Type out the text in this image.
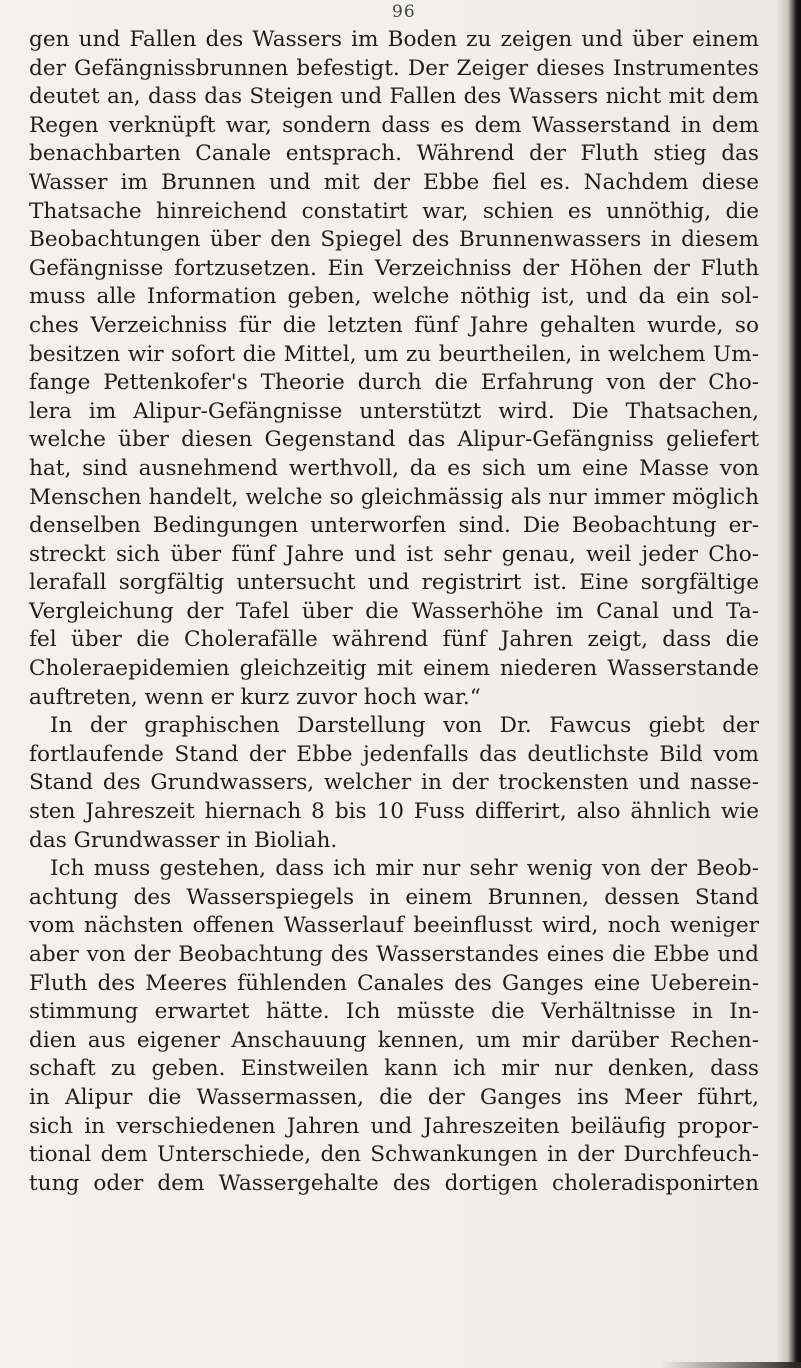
96
gen und Fallen des Wassers im Boden zu zeigen und über einem
der Gefängnissbrunnen befestigt. Der Zeiger dieses Instrumentes
deutet an, dass das Steigen und Fallen des Wassers nicht mit dem
Regen verknüpft war, sondern dass es dem Wasserstand in dem
benachbarten Canale entsprach. Während der Fluth stieg das
Wasser im Brunnen und mit der Ebbe fiel es. Nachdem diese
Thatsache hinreichend constatirt war, schien es unnöthig, die
Beobachtungen über den Spiegel des Brunnenwassers in diesem
Gefängnisse fortzusetzen. Ein Verzeichniss der Höhen der Fluth
muss alle Information geben, welche nöthig ist, und da ein sol-
ches Verzeichniss für die letzten fünf Jahre gehalten wurde, so
besitzen wir sofort die Mittel, um zu beurtheilen, in welchem Um-
fange Pettenkofer's Theorie durch die Erfahrung von der Cho-
lera im Alipur-Gefängnisse unterstützt wird. Die Thatsachen,
welche über diesen Gegenstand das Alipur-Gefängniss geliefert
hat, sind ausnehmend werthvoll, da es sich um eine Masse von
Menschen handelt, welche so gleichmässig als nur immer möglich
denselben Bedingungen unterworfen sind. Die Beobachtung er-
streckt sich über fünf Jahre und ist sehr genau, weil jeder Cho-
lerafall sorgfältig untersucht und registrirt ist. Eine sorgfältige
Vergleichung der Tafel über die Wasserhöhe im Canal und Ta-
fel über die Cholerafälle während fünf Jahren zeigt, dass die
Choleraepidemien gleichzeitig mit einem niederen Wasserstande
auftreten, wenn er kurz zuvor hoch war.“
In der graphischen Darstellung von Dr. Fawcus giebt der
fortlaufende Stand der Ebbe jedenfalls das deutlichste Bild vom
Stand des Grundwassers, welcher in der trockensten und nasse-
sten Jahreszeit hiernach 8 bis 10 Fuss differirt, also ähnlich wie
das Grundwasser in Bioliah.
Ich muss gestehen, dass ich mir nur sehr wenig von der Beob-
achtung des Wasserspiegels in einem Brunnen, dessen Stand
vom nächsten offenen Wasserlauf beeinflusst wird, noch weniger
aber von der Beobachtung des Wasserstandes eines die Ebbe und
Fluth des Meeres fühlenden Canales des Ganges eine Ueberein-
stimmung erwartet hätte. Ich müsste die Verhältnisse in In-
dien aus eigener Anschauung kennen, um mir darüber Rechen-
schaft zu geben. Einstweilen kann ich mir nur denken, dass
in Alipur die Wassermassen, die der Ganges ins Meer führt,
sich in verschiedenen Jahren und Jahreszeiten beiläufig propor-
tional dem Unterschiede, den Schwankungen in der Durchfeuch-
tung oder dem Wassergehalte des dortigen choleradisponirten
